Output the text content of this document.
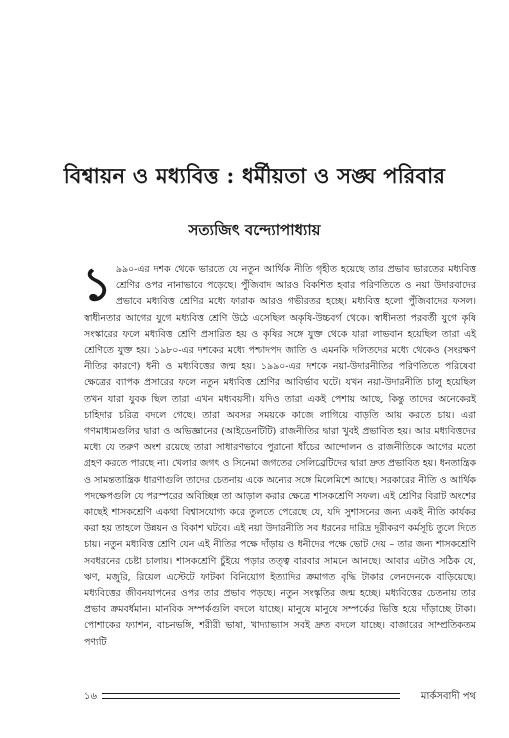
বিশ্বায়ন ও মধ্যবিত্ত : ধর্মীয়তা ও সঙ্ঘ পরিবার
সত্যজিৎ বন্দ্যোপাধ্যায়
১ ৯৯০-এর দশক থেকে ভারতে যে নতুন আর্থিক নীতি গৃহীত হয়েছে তার প্রভাব ভারতের মধ্যবিত্ত শ্রেণির ওপর নানাভাবে পড়েছে। পুঁজিবাদ আরও বিকশিত হবার পরিণতিতে ও নয়া উদারবাদের প্রভাবে মধ্যবিত্ত শ্রেণির মধ্যে ফারাক আরও গভীরতর হচ্ছে। মধ্যবিত্ত হলো পুঁজিবাদের ফসল। স্বাধীনতার আগের যুগে মধ্যবিত্ত শ্রেণি উঠে এসেছিল অকৃষি-উচ্চবর্গ থেকে। স্বাধীনতা পরবর্তী যুগে কৃষি সংস্কারের ফলে মধ্যবিত্ত শ্রেণি প্রসারিত হয় ও কৃষির সঙ্গে যুক্ত থেকে যারা লাভবান হয়েছিল তারা এই শ্রেণিতে যুক্ত হয়। ১৯৮০-এর দশকের মধ্যে পশ্চাদপদ জাতি ও এমনকি দলিতদের মধ্যে থেকেও (সংরক্ষণ নীতির কারণে) ধনী ও মধ্যবিত্তের জন্ম হয়। ১৯৯০-এর দশকে নয়া-উদারনীতির পরিণতিতে পরিষেবা ক্ষেত্রের ব্যাপক প্রসারের ফলে নতুন মধ্যবিত্ত শ্রেণির আবির্ভাব ঘটে। যখন নয়া-উদারনীতি চালু হয়েছিল তখন যারা যুবক ছিল তারা এখন মধ্যবয়সী। যদিও তারা একই পেশায় আছে, কিন্তু তাদের অনেকেরই চাহিদার চরিত্র বদলে গেছে। তারা অবসর সময়কে কাজে লাগিয়ে বাড়তি আয় করতে চায়। এরা গণমাধ্যমগুলির দ্বারা ও অভিজ্ঞানের (আইডেনটিটি) রাজনীতির দ্বারা খুবই প্রভাবিত হয়। আর মধ্যবিত্তদের মধ্যে যে তরুণ অংশ রয়েছে তারা সাধারণভাবে পুরানো ধাঁচের আন্দোলন ও রাজনীতিকে আগের মতো গ্রহণ করতে পারছে না। খেলার জগৎ ও সিনেমা জগতের সেলিব্রেটিদের দ্বারা দ্রুত প্রভাবিত হয়। ধনতান্ত্রিক ও সামন্ততান্ত্রিক ধারণাগুলি তাদের চেতনায় একে অন্যের সঙ্গে মিলেমিশে আছে। সরকারের নীতি ও আর্থিক পদক্ষেপগুলি যে পরস্পরের অবিচ্ছিন্ন তা আড়াল করার ক্ষেত্রে শাসকশ্রেণি সফল। এই শ্রেণির বিরাট অংশের কাছেই শাসকশ্রেণি একথা বিশ্বাসযোগ্য করে তুলতে পেরেছে যে, যদি সুশাসনের জন্য একই নীতি কার্যকর করা হয় তাহলে উন্নয়ন ও বিকাশ ঘটবে। এই নয়া উদারনীতি সব ধরনের দারিদ্র দূরীকরণ কর্মসূচি তুলে দিতে চায়। নতুন মধ্যবিত্ত শ্রেণি যেন এই নীতির পক্ষে দাঁড়ায় ও ধনীদের পক্ষে ভোট দেয় – তার জন্য শাসকশ্রেণি সবধরনের চেষ্টা চালায়। শাসকশ্রেণি চুঁইয়ে পড়ার তত্ত্ব বারবার সামনে আনছে। আবার এটাও সঠিক যে, ঋণ, মজুরি, রিয়েল এস্টেটে ফাটকা বিনিয়োগ ইত্যাদির ক্রমাগত বৃদ্ধি টাকার লেনদেনকে বাড়িয়েছে। মধ্যবিত্তের জীবনযাপনের ওপর তার প্রভাব পড়ছে। নতুন সংস্কৃতির জন্ম হচ্ছে। মধ্যবিত্তের চেতনায় তার প্রভাব ক্রমবর্ধমান। মানবিক সম্পর্কগুলি বদলে যাচ্ছে। মানুষে মানুষে সম্পর্কের ভিত্তি হয়ে দাঁড়াচ্ছে টাকা। পোশাকের ফ্যাশন, বাচনভঙ্গি, শরীরী ভাষা, খাদ্যাভ্যাস সবই দ্রুত বদলে যাচ্ছে। বাজারের সাম্প্রতিকতম পণ্যটি

১৬	মার্কসবাদী পথ
